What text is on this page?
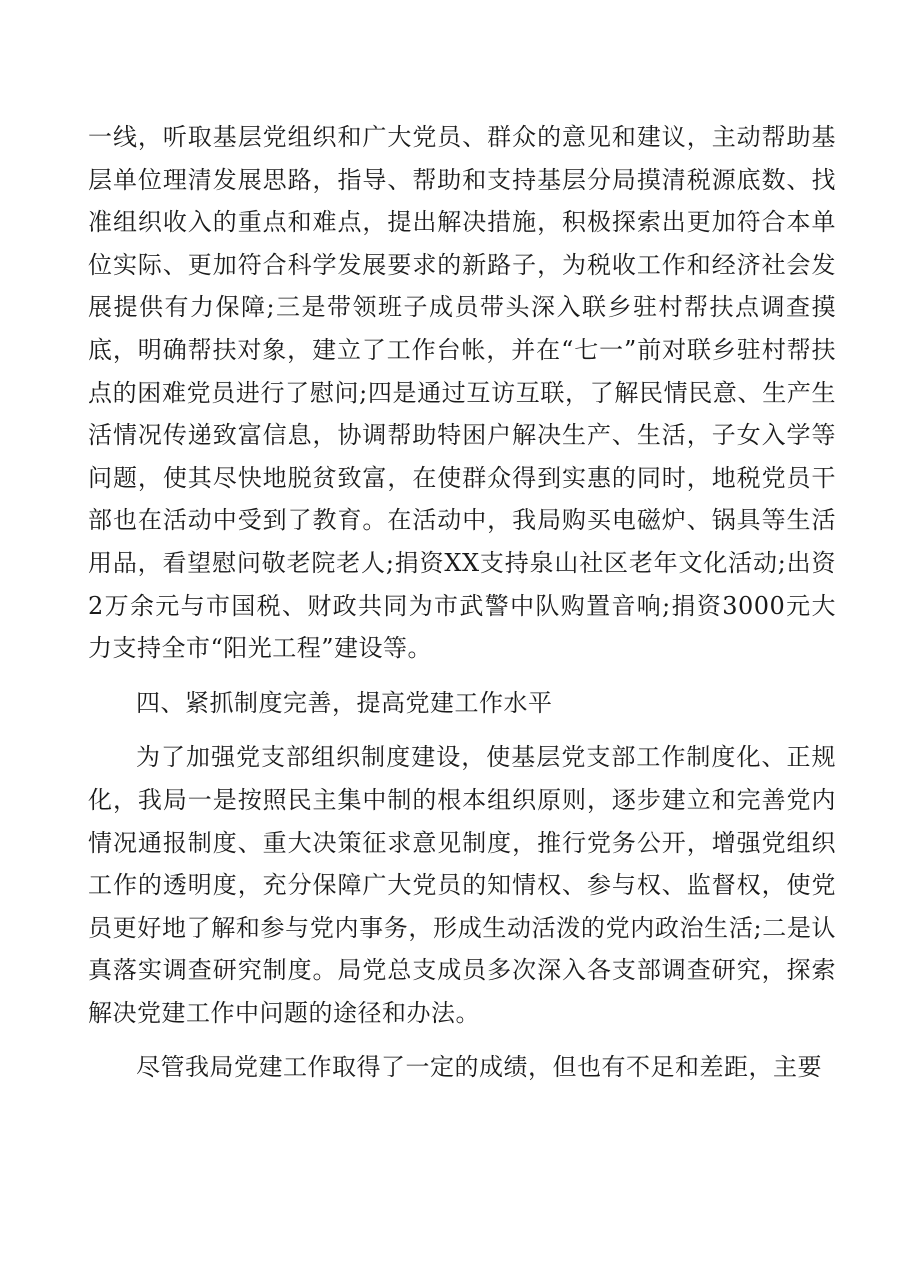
一线，听取基层党组织和广大党员、群众的意见和建议，主动帮助基层单位理清发展思路，指导、帮助和支持基层分局摸清税源底数、找准组织收入的重点和难点，提出解决措施，积极探索出更加符合本单位实际、更加符合科学发展要求的新路子，为税收工作和经济社会发展提供有力保障;三是带领班子成员带头深入联乡驻村帮扶点调查摸底，明确帮扶对象，建立了工作台帐，并在“七一”前对联乡驻村帮扶点的困难党员进行了慰问;四是通过互访互联，了解民情民意、生产生活情况传递致富信息，协调帮助特困户解决生产、生活，子女入学等问题，使其尽快地脱贫致富，在使群众得到实惠的同时，地税党员干部也在活动中受到了教育。在活动中，我局购买电磁炉、锅具等生活用品，看望慰问敬老院老人;捐资XX支持泉山社区老年文化活动;出资2万余元与市国税、财政共同为市武警中队购置音响;捐资3000元大力支持全市“阳光工程”建设等。

四、紧抓制度完善，提高党建工作水平

为了加强党支部组织制度建设，使基层党支部工作制度化、正规化，我局一是按照民主集中制的根本组织原则，逐步建立和完善党内情况通报制度、重大决策征求意见制度，推行党务公开，增强党组织工作的透明度，充分保障广大党员的知情权、参与权、监督权，使党员更好地了解和参与党内事务，形成生动活泼的党内政治生活;二是认真落实调查研究制度。局党总支成员多次深入各支部调查研究，探索解决党建工作中问题的途径和办法。

尽管我局党建工作取得了一定的成绩，但也有不足和差距，主要
